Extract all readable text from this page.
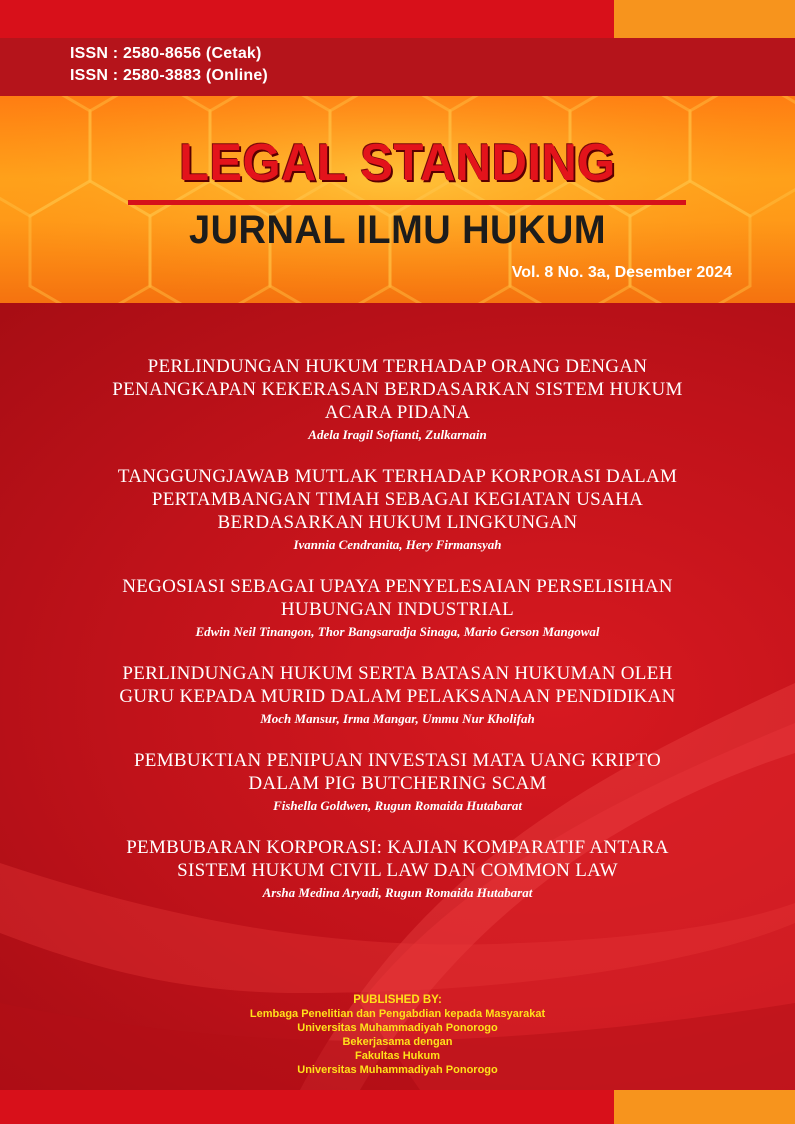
ISSN : 2580-8656 (Cetak)
ISSN : 2580-3883 (Online)
LEGAL STANDING
JURNAL ILMU HUKUM
Vol. 8 No. 3a, Desember 2024
PERLINDUNGAN HUKUM TERHADAP ORANG DENGAN
PENANGKAPAN KEKERASAN BERDASARKAN SISTEM HUKUM
ACARA PIDANA
Adela Iragil Sofianti, Zulkarnain
TANGGUNGJAWAB MUTLAK TERHADAP KORPORASI DALAM
PERTAMBANGAN TIMAH SEBAGAI KEGIATAN USAHA
BERDASARKAN HUKUM LINGKUNGAN
Ivannia Cendranita, Hery Firmansyah
NEGOSIASI SEBAGAI UPAYA PENYELESAIAN PERSELISIHAN
HUBUNGAN INDUSTRIAL
Edwin Neil Tinangon, Thor Bangsaradja Sinaga, Mario Gerson Mangowal
PERLINDUNGAN HUKUM SERTA BATASAN HUKUMAN OLEH
GURU KEPADA MURID DALAM PELAKSANAAN PENDIDIKAN
Moch Mansur, Irma Mangar, Ummu Nur Kholifah
PEMBUKTIAN PENIPUAN INVESTASI MATA UANG KRIPTO
DALAM PIG BUTCHERING SCAM
Fishella Goldwen, Rugun Romaida Hutabarat
PEMBUBARAN KORPORASI: KAJIAN KOMPARATIF ANTARA
SISTEM HUKUM CIVIL LAW DAN COMMON LAW
Arsha Medina Aryadi, Rugun Romaida Hutabarat
PUBLISHED BY:
Lembaga Penelitian dan Pengabdian kepada Masyarakat
Universitas Muhammadiyah Ponorogo
Bekerjasama dengan
Fakultas Hukum
Universitas Muhammadiyah Ponorogo
